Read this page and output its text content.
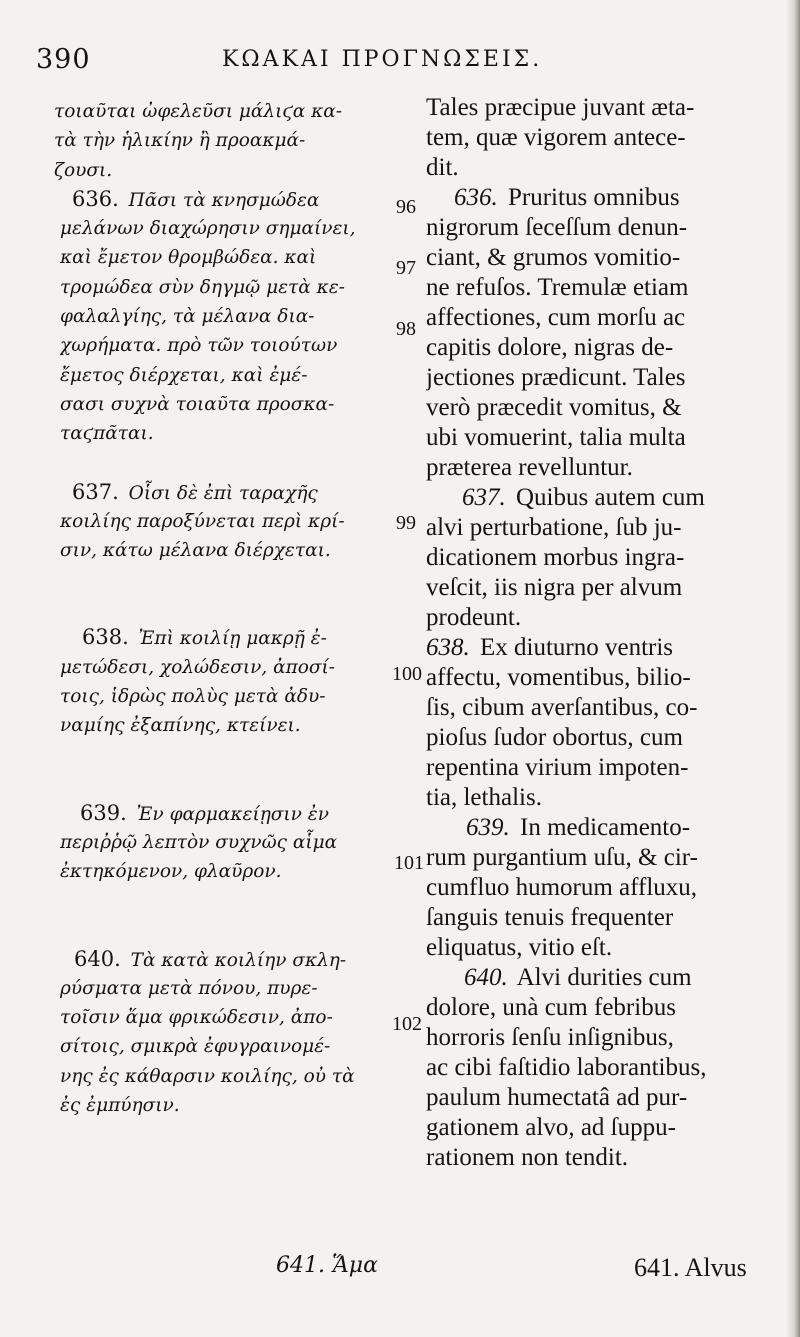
390	ΚΩΑΚΑΙ ΠΡΟΓΝΩΣΕΙΣ.
τοιαῦται ὠφελεῦσι μάλιϛα κα-
τὰ τὴν ἡλικίην ἢ προακμά-
ζουσι.
636. Πᾶσι τὰ κνησμώδεα
μελάνων διαχώρησιν σημαίνει,
καὶ ἔμετον θρομβώδεα. καὶ
τρομώδεα σὺν δηγμῷ μετὰ κε-
φαλαλγίης, τὰ μέλανα δια-
χωρήματα. πρὸ τῶν τοιούτων
ἔμετος διέρχεται, καὶ ἐμέ-
σασι συχνὰ τοιαῦτα προσκα-
ταϛπᾶται.
637. Οἷσι δὲ ἐπὶ ταραχῆς
κοιλίης παροξύνεται περὶ κρί-
σιν, κάτω μέλανα διέρχεται.
638. Ἐπὶ κοιλίῃ μακρῇ ἐ-
μετώδεσι, χολώδεσιν, ἀποσί-
τοις, ἱδρὼς πολὺς μετὰ ἀδυ-
ναμίης ἐξαπίνης, κτείνει.
639. Ἐν φαρμακείῃσιν ἐν
περιῤῥῷ λεπτὸν συχνῶς αἷμα
ἐκτηκόμενον, φλαῦρον.
640. Τὰ κατὰ κοιλίην σκλη-
ρύσματα μετὰ πόνου, πυρε-
τοῖσιν ἅμα φρικώδεσιν, ἀπο-
σίτοις, σμικρὰ ἐφυγραινομέ-
νης ἐς κάθαρσιν κοιλίης, οὐ τὰ
ἐς ἐμπύησιν.
Tales præcipue juvant æta-
tem, quæ vigorem antece-
dit.
636. Pruritus omnibus
nigrorum ſeceſſum denun-
ciant, & grumos vomitio-
ne refuſos. Tremulæ etiam
affectiones, cum morſu ac
capitis dolore, nigras de-
jectiones prædicunt. Tales
verò præcedit vomitus, &
ubi vomuerint, talia multa
præterea revelluntur.
637. Quibus autem cum
alvi perturbatione, ſub ju-
dicationem morbus ingra-
veſcit, iis nigra per alvum
prodeunt.
638. Ex diuturno ventris
affectu, vomentibus, bilio-
ſis, cibum averſantibus, co-
pioſus ſudor obortus, cum
repentina virium impoten-
tia, lethalis.
639. In medicamento-
rum purgantium uſu, & cir-
cumfluo humorum affluxu,
ſanguis tenuis frequenter
eliquatus, vitio eſt.
640. Alvi durities cum
dolore, unà cum febribus
horroris ſenſu inſignibus,
ac cibi faſtidio laborantibus,
paulum humectatâ ad pur-
gationem alvo, ad ſuppu-
rationem non tendit.
96
97
98
99
100
101
102
641. Ἅμα	641. Alvus
